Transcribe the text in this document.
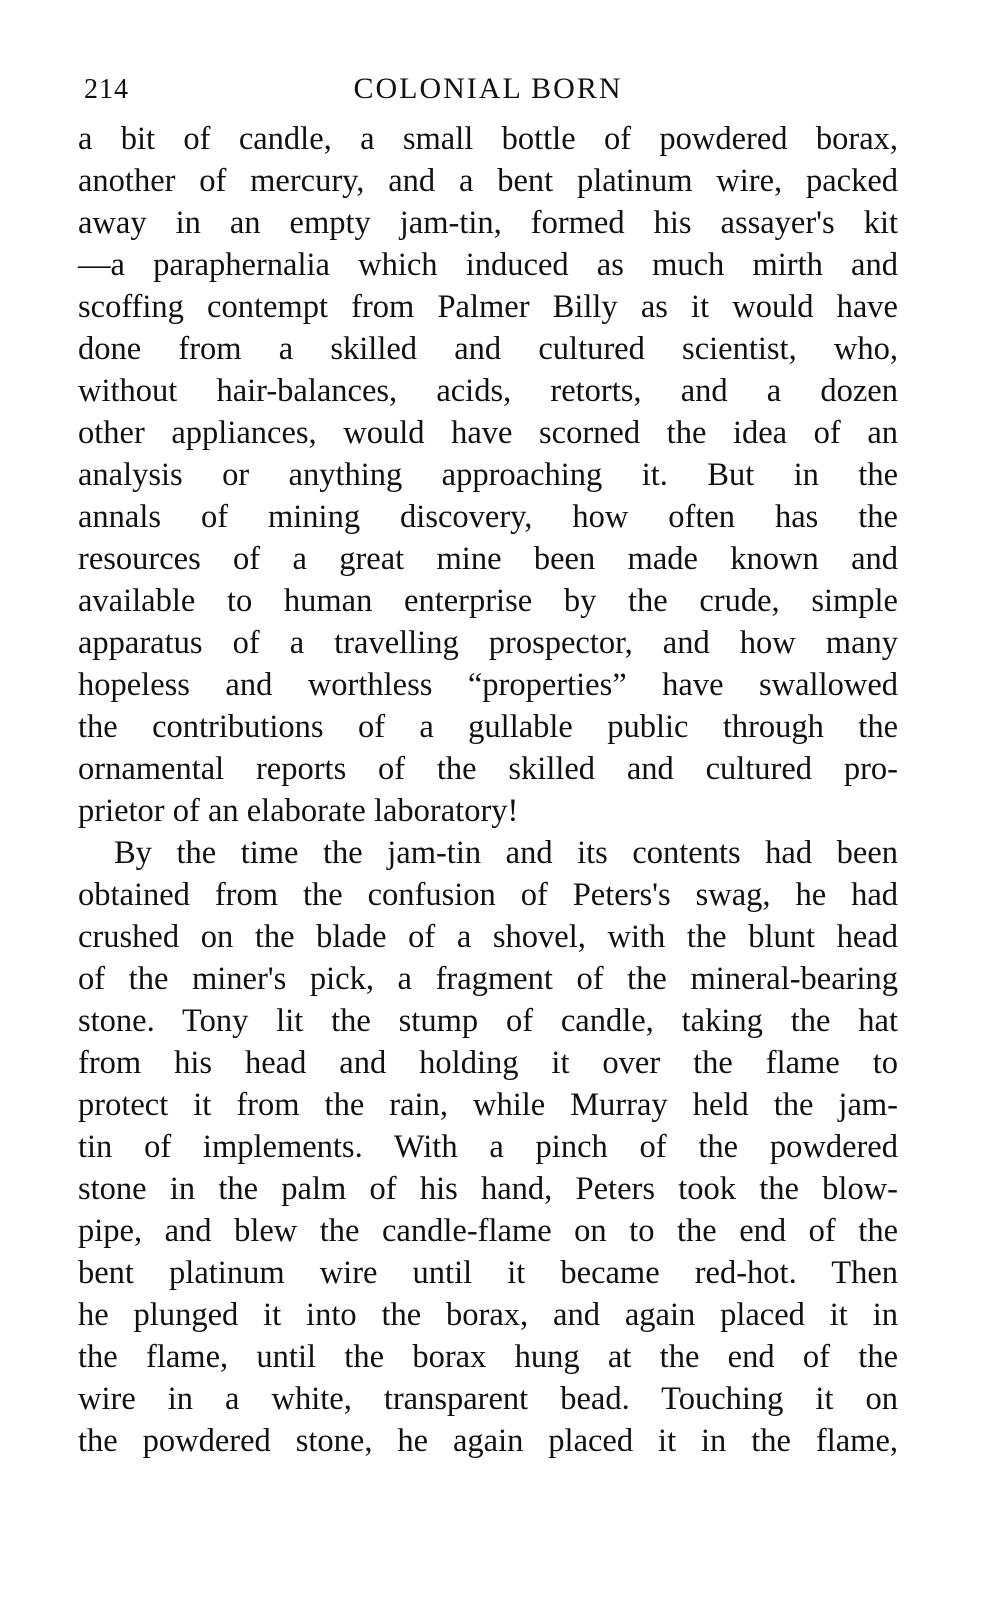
214	COLONIAL BORN

a bit of candle, a small bottle of powdered borax,
another of mercury, and a bent platinum wire, packed
away in an empty jam-tin, formed his assayer's kit
—a paraphernalia which induced as much mirth and
scoffing contempt from Palmer Billy as it would have
done from a skilled and cultured scientist, who,
without hair-balances, acids, retorts, and a dozen
other appliances, would have scorned the idea of an
analysis or anything approaching it. But in the
annals of mining discovery, how often has the
resources of a great mine been made known and
available to human enterprise by the crude, simple
apparatus of a travelling prospector, and how many
hopeless and worthless “properties” have swallowed
the contributions of a gullable public through the
ornamental reports of the skilled and cultured pro-
prietor of an elaborate laboratory!

By the time the jam-tin and its contents had been
obtained from the confusion of Peters's swag, he had
crushed on the blade of a shovel, with the blunt head
of the miner's pick, a fragment of the mineral-bearing
stone. Tony lit the stump of candle, taking the hat
from his head and holding it over the flame to
protect it from the rain, while Murray held the jam-
tin of implements. With a pinch of the powdered
stone in the palm of his hand, Peters took the blow-
pipe, and blew the candle-flame on to the end of the
bent platinum wire until it became red-hot. Then
he plunged it into the borax, and again placed it in
the flame, until the borax hung at the end of the
wire in a white, transparent bead. Touching it on
the powdered stone, he again placed it in the flame,
